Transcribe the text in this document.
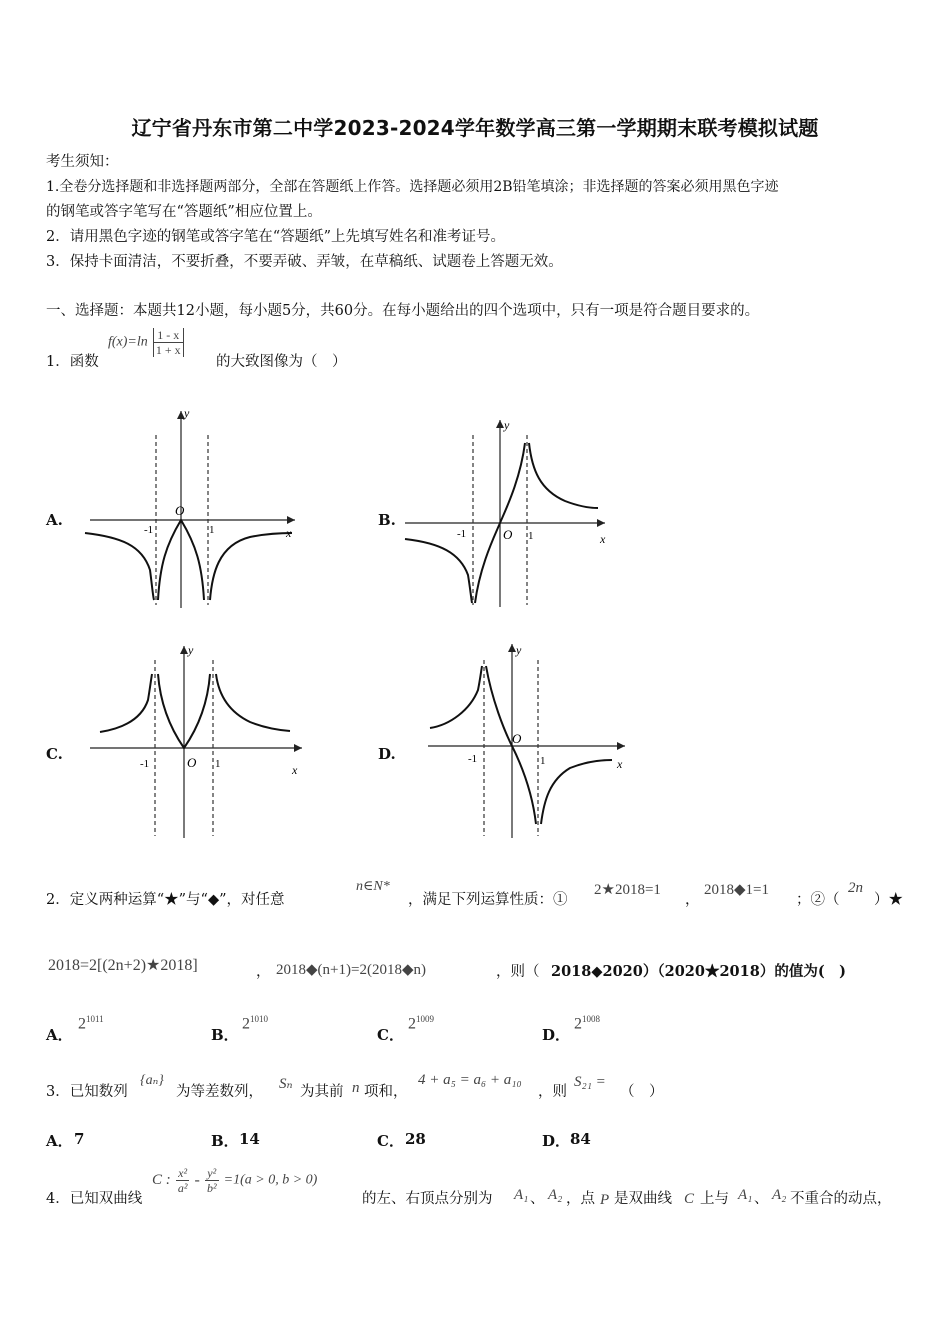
辽宁省丹东市第二中学2023-2024学年数学高三第一学期期末联考模拟试题
考生须知：
1.全卷分选择题和非选择题两部分，全部在答题纸上作答。选择题必须用2B铅笔填涂；非选择题的答案必须用黑色字迹
的钢笔或答字笔写在“答题纸”相应位置上。
2．请用黑色字迹的钢笔或答字笔在“答题纸”上先填写姓名和准考证号。
3．保持卡面清洁，不要折叠，不要弄破、弄皱，在草稿纸、试题卷上答题无效。
一、选择题：本题共12小题，每小题5分，共60分。在每小题给出的四个选项中，只有一项是符合题目要求的。
1．函数
$f(x)=\ln \frac{1 - x}{1 + x}$
的大致图像为（　）
A.	B.
C.	D.
y
x
O
-1	1
y
x
O
-1	1
y
x
O
-1	1
y
x
O
-1	1
2．定义两种运算“★”与“◆”，对任意
n∈N*
，满足下列运算性质：①
2★2018=1
，
2018◆1=1
；②（
2n
）★
2018=2[(2n+2)★2018]	， 2018◆(n+1)=2(2018◆n)	，则（ 2018◆2020）（2020★2018）的值为(　)
A．
$2^{1011}$
B．
$2^{1010}$
C．
$2^{1009}$
D．
$2^{1008}$
3．已知数列
{aₙ}
为等差数列， Sₙ 为其前 n 项和，
4 + a₅ = a₆ + a₁₀
，则
S₂₁ =
（　）
A． 7	B． 14	C． 28	D． 84
4．已知双曲线
C : $\frac{\text{x²}}{\text{a²}} - \frac{\text{y²}}{\text{b²}} =1(a > 0$, b > 0)
的左、右顶点分别为 A₁ 、 A₂ ，点 P 是双曲线 C 上与 A₁ 、 A₂ 不重合的动点，
